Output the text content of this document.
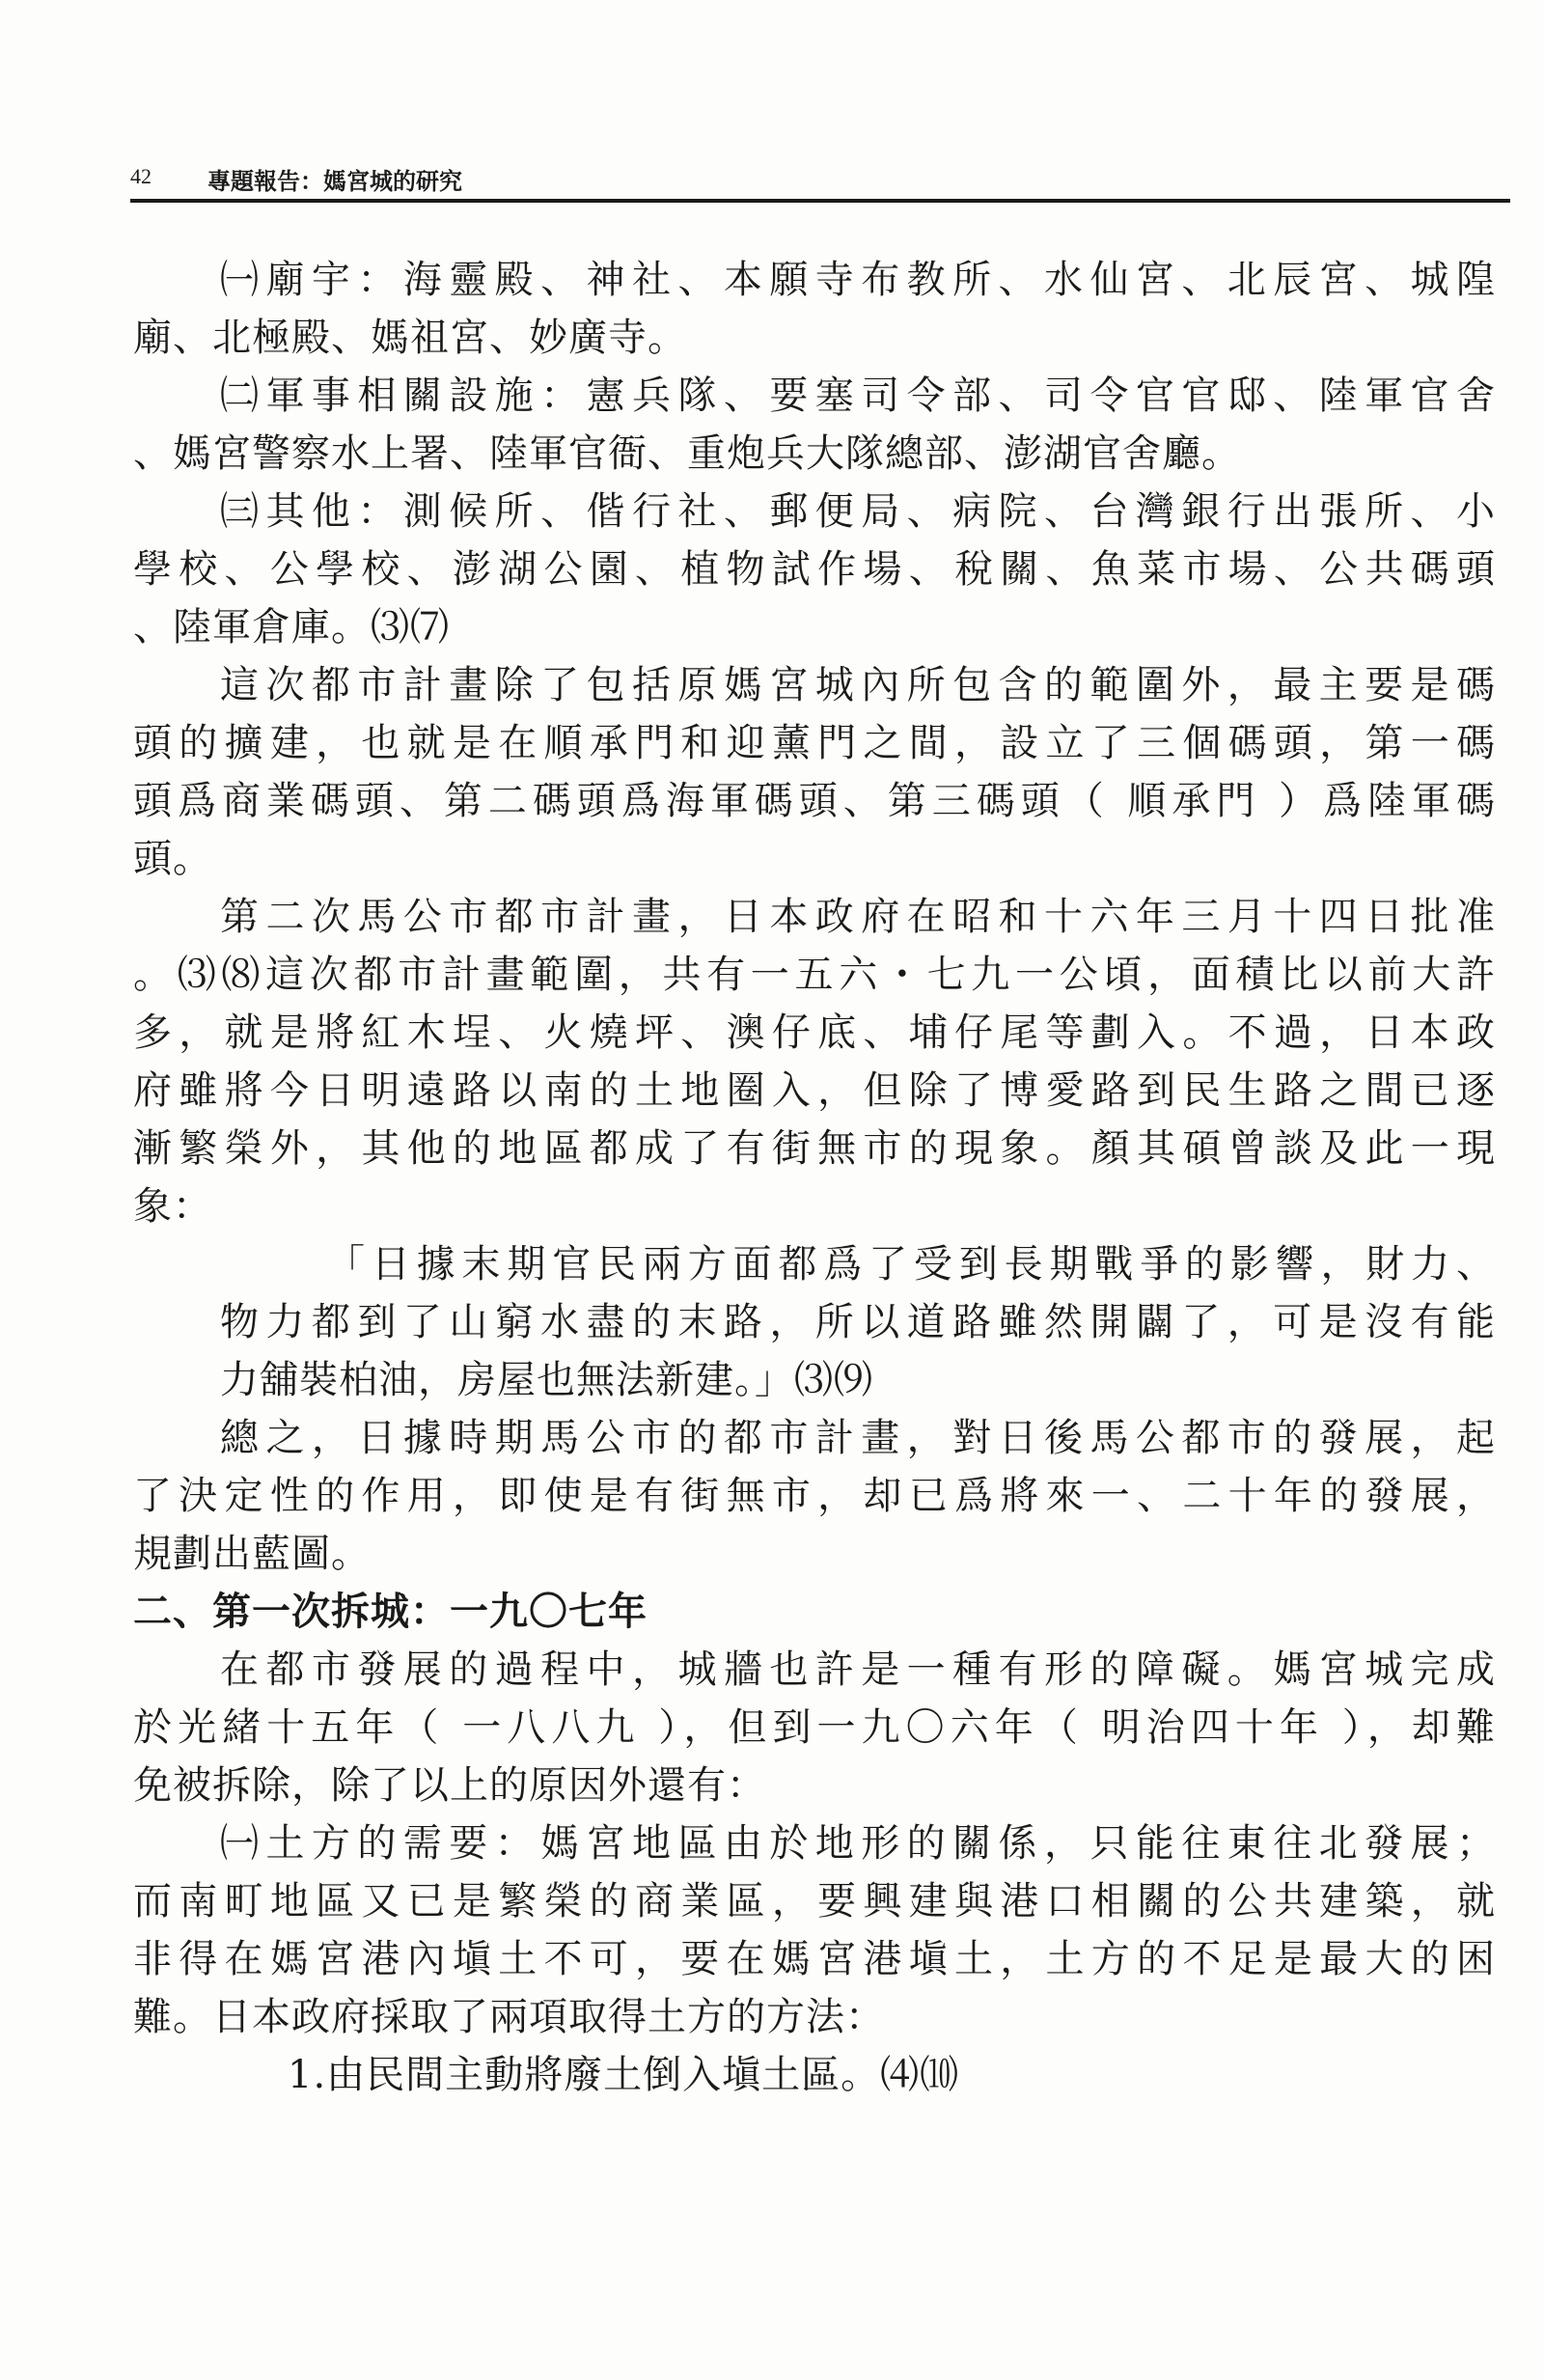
42 專題報告：媽宮城的研究
㈠廟宇：海靈殿、神社、本願寺布教所、水仙宮、北辰宮、城隍
廟、北極殿、媽祖宮、妙廣寺。
㈡軍事相關設施：憲兵隊、要塞司令部、司令官官邸、陸軍官舍
、媽宮警察水上署、陸軍官衙、重炮兵大隊總部、澎湖官舍廳。
㈢其他：測候所、偕行社、郵便局、病院、台灣銀行出張所、小
學校、公學校、澎湖公園、植物試作場、稅關、魚菜市場、公共碼頭
、陸軍倉庫。⑶⑺
這次都市計畫除了包括原媽宮城內所包含的範圍外，最主要是碼
頭的擴建，也就是在順承門和迎薰門之間，設立了三個碼頭，第一碼
頭爲商業碼頭、第二碼頭爲海軍碼頭、第三碼頭（ 順承門 ）爲陸軍碼
頭。
第二次馬公市都市計畫，日本政府在昭和十六年三月十四日批准
。⑶⑻這次都市計畫範圍，共有一五六・七九一公頃，面積比以前大許
多，就是將紅木埕、火燒坪、澳仔底、埔仔尾等劃入。不過，日本政
府雖將今日明遠路以南的土地圈入，但除了博愛路到民生路之間已逐
漸繁榮外，其他的地區都成了有街無市的現象。顏其碩曾談及此一現
象：
「日據末期官民兩方面都爲了受到長期戰爭的影響，財力、
物力都到了山窮水盡的末路，所以道路雖然開闢了，可是沒有能
力舖裝柏油，房屋也無法新建。」⑶⑼
總之，日據時期馬公市的都市計畫，對日後馬公都市的發展，起
了決定性的作用，即使是有街無市，却已爲將來一、二十年的發展，
規劃出藍圖。
二、第一次拆城：一九〇七年
在都市發展的過程中，城牆也許是一種有形的障礙。媽宮城完成
於光緒十五年（ 一八八九 ），但到一九〇六年（ 明治四十年 ），却難
免被拆除，除了以上的原因外還有：
㈠土方的需要：媽宮地區由於地形的關係，只能往東往北發展；
而南町地區又已是繁榮的商業區，要興建與港口相關的公共建築，就
非得在媽宮港內塡土不可，要在媽宮港塡土，土方的不足是最大的困
難。日本政府採取了兩項取得土方的方法：
1.由民間主動將廢土倒入塡土區。⑷⑽
